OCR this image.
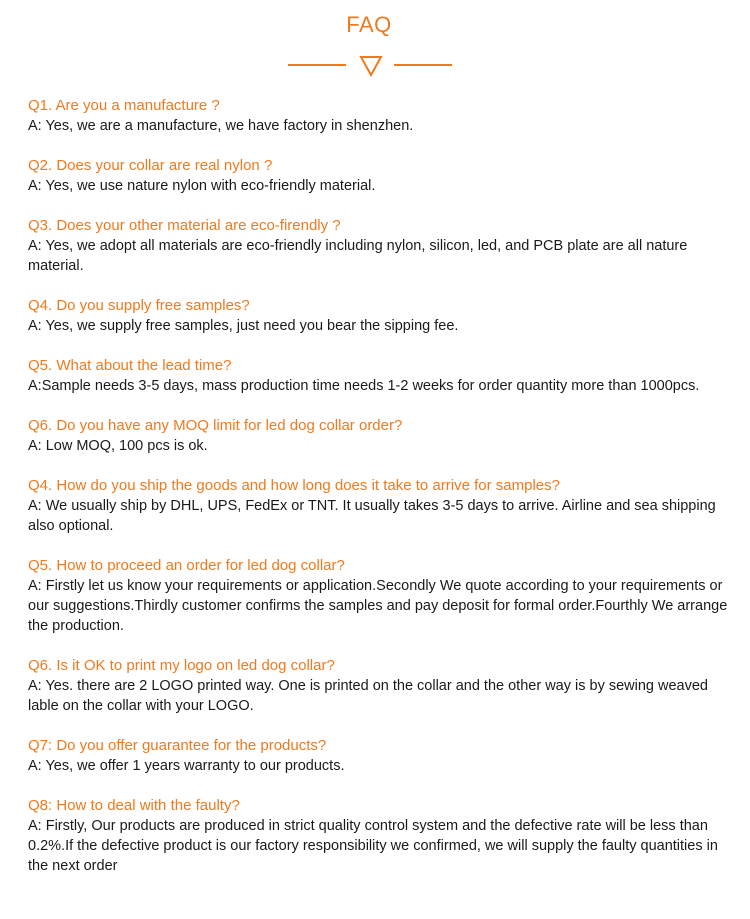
FAQ

Q1. Are you a manufacture ?

A: Yes, we are a manufacture, we have factory in shenzhen.

Q2. Does your collar are real nylon ?

A: Yes, we use nature nylon with eco-friendly material.

Q3. Does your other material are eco-firendly ?

A: Yes, we adopt all materials are eco-friendly including nylon, silicon, led, and PCB plate are all nature material.

Q4. Do you supply free samples?

A: Yes, we supply free samples, just need you bear the sipping fee.

Q5. What about the lead time?

A:Sample needs 3-5 days, mass production time needs 1-2 weeks for order quantity more than 1000pcs.

Q6. Do you have any MOQ limit for led dog collar order?

A: Low MOQ, 100 pcs is ok.

Q4. How do you ship the goods and how long does it take to arrive for samples?

A: We usually ship by DHL, UPS, FedEx or TNT. It usually takes 3-5 days to arrive. Airline and sea shipping also optional.

Q5. How to proceed an order for led dog collar?

A: Firstly let us know your requirements or application.Secondly We quote according to your requirements or our suggestions.Thirdly customer confirms the samples and pay deposit for formal order.Fourthly We arrange the production.

Q6. Is it OK to print my logo on led dog collar?

A: Yes. there are 2 LOGO printed way. One is printed on the collar and the other way is by sewing weaved lable on the collar with your LOGO.

Q7: Do you offer guarantee for the products?

A: Yes, we offer 1 years warranty to our products.

Q8: How to deal with the faulty?

A: Firstly, Our products are produced in strict quality control system and the defective rate will be less than 0.2%.If the defective product is our factory responsibility we confirmed, we will supply the faulty quantities in the next order
